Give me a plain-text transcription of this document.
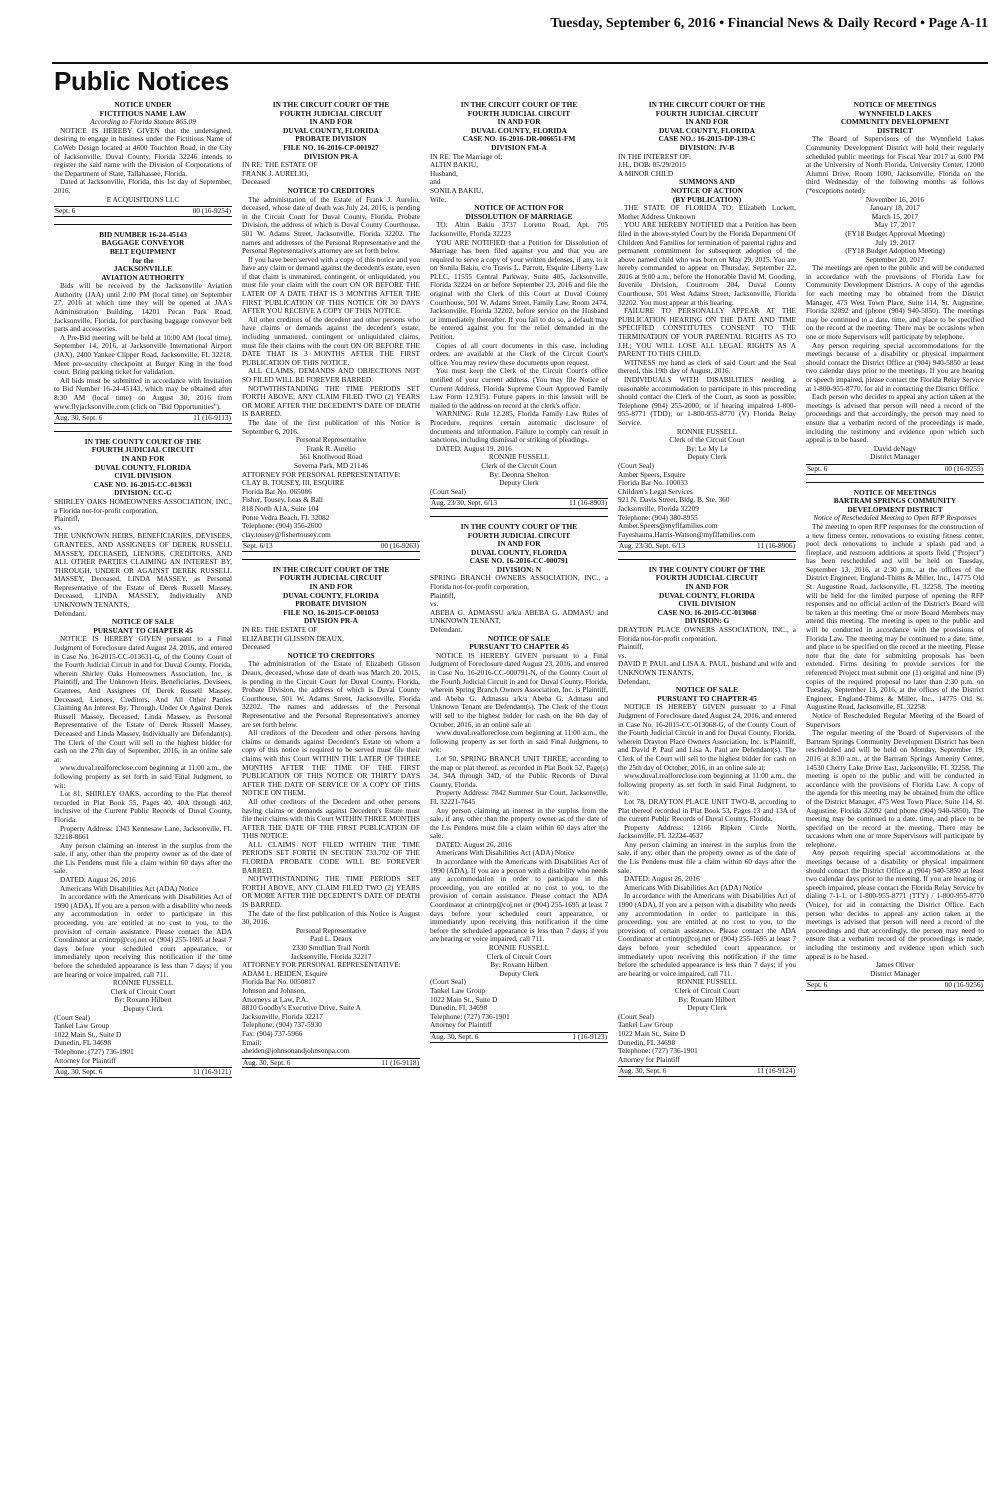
Tuesday, September 6, 2016 • Financial News & Daily Record • Page A-11
Public Notices
NOTICE UNDER
FICTITIOUS NAME LAW
According to Florida Statute 865.09

NOTICE IS HEREBY GIVEN that the undersigned, desiring to engage in business under the Fictitious Name of CoWeb Design located at 4600 Touchton Road, in the City of Jacksonville, Duval County, Florida 32246 intends to register the said name with the Division of Corporations of the Department of State, Tallahassee, Florida.

Dated at Jacksonville, Florida, this 1st day of September, 2016.

E ACQUISITIONS LLC
Sept. 6	00 (16-9254)
BID NUMBER 16-24-45143
BAGGAGE CONVEYOR
BELT EQUIPMENT
for the
JACKSONVILLE
AVIATION AUTHORITY

Bids will be received by the Jacksonville Aviation Authority (JAA) until 2:00 PM (local time) on September 27, 2016 at which time they will be opened at JAA's Administration Building, 14201 Pecan Park Road, Jacksonville, Florida, for purchasing baggage conveyor belt parts and accessories.

A Pre-Bid meeting will be held at 10:00 AM (local time), September 14, 2016, at Jacksonville International Airport (JAX), 2400 Yankee Clipper Road, Jacksonville, FL 32218. Meet pre-security checkpoint at Burger King in the food court. Bring parking ticket for validation.

All bids must be submitted in accordance with Invitation to Bid Number 16-24-45143, which may be obtained after 8:30 AM (local time) on August 30, 2016 from www.flyjacksonville.com (click on "Bid Opportunities").

Aug. 30, Sept. 6	11 (16-9113)
IN THE COUNTY COURT OF THE
FOURTH JUDICIAL CIRCUIT
IN AND FOR
DUVAL COUNTY, FLORIDA
CIVIL DIVISION
CASE NO. 16-2015-CC-013631
DIVISION: CC-G
SHIRLEY OAKS HOMEOWNERS ASSOCIATION, INC., a Florida not-for-profit corporation,
Plaintiff,
vs.
THE UNKNOWN HEIRS, BENEFICIARIES, DEVISEES, GRANTEES, AND ASSIGNEES OF DEREK RUSSELL MASSEY, DECEASED, LIENORS, CREDITORS, AND ALL OTHER PARTIES CLAIMING AN INTEREST BY, THROUGH, UNDER OR AGAINST DEREK RUSSELL MASSEY, Deceased, LINDA MASSEY, as Personal Representative of the Estate of Derek Russell Massey, Deceased, LINDA MASSEY, Individually AND UNKNOWN TENANTS,
Defendant.
NOTICE OF SALE
PURSUANT TO CHAPTER 45

NOTICE IS HEREBY GIVEN pursuant to a Final Judgment of Foreclosure dated August 24, 2016, and entered in Case No. 16-2015-CC-013631-G, of the County Court of the Fourth Judicial Circuit in and for Duval County, Florida, wherein Shirley Oaks Homeowners Association, Inc. is Plaintiff, and The Unknown Heirs, Beneficiaries, Devisees, Grantees, And Assignees Of Derek Russell Massey, Deceased, Lienors, Creditors, And All Other Parties Claiming An Interest By, Through, Under Or Against Derek Russell Massey, Deceased, Linda Massey, as Personal Representative of the Estate of Derek Russell Massey, Deceased and Linda Massey, Individually are Defendant(s). The Clerk of the Court will sell to the highest bidder for cash on the 27th day of September, 2016, in an online sale at:

www.duval.realforeclose.com beginning at 11:00 a.m., the following property as set forth in said Final Judgment, to wit:

Lot 81, SHIRLEY OAKS, according to the Plat thereof recorded in Plat Book 55, Pages 40, 40A through 40J, inclusive of the Current Public Records of Duval County, Florida.

Property Address: 1343 Kennesaw Lane, Jacksonville, FL 32218-8661

Any person claiming an interest in the surplus from the sale, if any, other than the property owner as of the date of the Lis Pendens must file a claim within 60 days after the sale.

DATED: August 26, 2016

Americans With Disabilities Act (ADA) Notice

In accordance with the Americans with Disabilities Act of 1990 (ADA), If you are a person with a disability who needs any accommodation in order to participate in this proceeding, you are entitled at no cost to you, to the provision of certain assistance. Please contact the ADA Coordinator at crtintrp@coj.net or (904) 255-1695 at least 7 days before your scheduled court appearance, or immediately upon receiving this notification if the time before the scheduled appearance is less than 7 days; if you are hearing or voice impaired, call 711.

RONNIE FUSSELL
Clerk of Circuit Court
By: Roxann Hilbert
Deputy Clerk
(Court Seal)
Tankel Law Group
1022 Main St., Suite D
Dunedin, FL 34698
Telephone: (727) 736-1901
Attorney for Plaintiff
Aug. 30, Sept. 6	11 (16-9121)
IN THE CIRCUIT COURT OF THE
FOURTH JUDICIAL CIRCUIT
IN AND FOR
DUVAL COUNTY, FLORIDA
PROBATE DIVISION
FILE NO. 16-2016-CP-001927
DIVISION PR-A
IN RE: THE ESTATE OF
FRANK J. AURELIO,
Deceased
NOTICE TO CREDITORS

The administration of the Estate of Frank J. Aurelio, deceased, whose date of death was July 24, 2016, is pending in the Circuit Court for Duval County, Florida, Probate Division, the address of which is Duval County Courthouse, 501 W. Adams Street, Jacksonville, Florida 32202. The names and addresses of the Personal Representative and the Personal Representative's attorney are set forth below.

If you have been served with a copy of this notice and you have any claim or demand against the decedent's estate, even if that claim is unmatured, contingent, or unliquidated, you must file your claim with the court ON OR BEFORE THE LATER OF A DATE THAT IS 3 MONTHS AFTER THE FIRST PUBLICATION OF THIS NOTICE OR 30 DAYS AFTER YOU RECEIVE A COPY OF THIS NOTICE.

All other creditors of the decedent and other persons who have claims or demands against the decedent's estate, including unmatured, contingent or unliquidated claims, must file their claims with the court ON OR BEFORE THE DATE THAT IS 3 MONTHS AFTER THE FIRST PUBLICATION OF THIS NOTICE.

ALL CLAIMS, DEMANDS AND OBJECTIONS NOT SO FILED WILL BE FOREVER BARRED.

NOTWITHSTANDING THE TIME PERIODS SET FORTH ABOVE, ANY CLAIM FILED TWO (2) YEARS OR MORE AFTER THE DECEDENT'S DATE OF DEATH IS BARRED.

The date of the first publication of this Notice is September 6, 2016.

Personal Representative
Frank R. Aurelio
561 Knollwood Road
Severna Park, MD 21146
ATTORNEY FOR PERSONAL REPRESENTATIVE:
CLAY B. TOUSEY, III, ESQUIRE
Florida Bar No. 065086
Fisher, Tousey, Leas & Ball
818 North A1A, Suite 104
Ponte Vedra Beach, FL 32082
Telephone: (904) 356-2600
clay.tousey@fishertousey.com
Sept. 6/13	00 (16-9263)
IN THE CIRCUIT COURT OF THE
FOURTH JUDICIAL CIRCUIT
IN AND FOR
DUVAL COUNTY, FLORIDA
PROBATE DIVISION
FILE NO. 16-2015-CP-001053
DIVISION PR-A
IN RE: THE ESTATE OF
ELIZABETH GLISSON DEAUX,
Deceased
NOTICE TO CREDITORS

The administration of the Estate of Elizabeth Glisson Deaux, deceased, whose date of death was March 20, 2015, is pending in the Circuit Court for Duval County, Florida, Probate Division, the address of which is Duval County Courthouse, 501 W. Adams Street, Jacksonville, Florida 32202. The names and addresses of the Personal Representative and the Personal Representative's attorney are set forth below.

All creditors of the Decedent and other persons having claims or demands against Decedent's Estate on whom a copy of this notice is required to be served must file their claims with this Court WITHIN THE LATER OF THREE MONTHS AFTER THE TIME OF THE FIRST PUBLICATION OF THIS NOTICE OR THIRTY DAYS AFTER THE DATE OF SERVICE OF A COPY OF THIS NOTICE ON THEM.

All other creditors of the Decedent and other persons having claims or demands against Decedent's Estate must file their claims with this Court WITHIN THREE MONTHS AFTER THE DATE OF THE FIRST PUBLICATION OF THIS NOTICE.

ALL CLAIMS NOT FILED WITHIN THE TIME PERIODS SET FORTH IN SECTION 733.702 OF THE FLORIDA PROBATE CODE WILL BE FOREVER BARRED.

NOTWITHSTANDING THE TIME PERIODS SET FORTH ABOVE, ANY CLAIM FILED TWO (2) YEARS OR MORE AFTER THE DECEDENT'S DATE OF DEATH IS BARRED.

The date of the first publication of this Notice is August 30, 2016.

Personal Representative
Paul L. Deaux
2330 Smullian Trail North
Jacksonville, Florida 32217
ATTORNEY FOR PERSONAL REPRESENTATIVE:
ADAM L. HEIDEN, Esquire
Florida Bar No. 0050817
Johnson and Johnson,
Attorneys at Law, P.A.
8810 Goodby's Executive Drive, Suite A
Jacksonville, Florida 32217
Telephone: (904) 737-5930
Fax: (904) 737-5966
Email:
aheiden@johnsonandjohnsonpa.com
Aug. 30, Sept. 6	11 (16-9118)
IN THE CIRCUIT COURT OF THE
FOURTH JUDICIAL CIRCUIT
IN AND FOR
DUVAL COUNTY, FLORIDA
CASE NO. 16-2016-DR-006651-FM
DIVISION FM-A
IN RE: The Marriage of:
ALTIN BAKIU,
Husband,
and
SONILA BAKIU,
Wife.
NOTICE OF ACTION FOR
DISSOLUTION OF MARRIAGE

TO: Altin Bakiu 3737 Loretto Road, Apt. 705 Jacksonville, Florida 32223

YOU ARE NOTIFIED that a Petition for Dissolution of Marriage has been filed against you and that you are required to serve a copy of your written defenses, if any, to it on Sonila Bakiu, c/o Travis L. Parrott, Esquire Liberty Law PLLC, 11555 Central Parkway, Suite 405, Jacksonville, Florida 32224 on or before September 23, 2016 and file the original with the Clerk of this Court at Duval County Courthouse, 501 W. Adams Street, Family Law, Room 2474, Jacksonville, Florida 32202, before service on the Husband or immediately thereafter. If you fail to do so, a default may be entered against you for the relief demanded in the Petition.

Copies of all court documents in this case, including orders, are available at the Clerk of the Circuit Court's office. You may review these documents upon request.

You must keep the Clerk of the Circuit Court's office notified of your current address. (You may file Notice of Current Address, Florida Supreme Court Approved Family Law Form 12.915). Future papers in this lawsuit will be mailed to the address on record at the clerk's office.

WARNING: Rule 12.285, Florida Family Law Rules of Procedure, requires certain automatic disclosure of documents and information. Failure to comply can result in sanctions, including dismissal or striking of pleadings.

DATED: August 19, 2016

RONNIE FUSSELL
Clerk of the Circuit Court
By: Deonna Shelton
Deputy Clerk
(Court Seal)
Aug. 23/30, Sept. 6/13	11 (16-8903)
IN THE COUNTY COURT OF THE
FOURTH JUDICIAL CIRCUIT
IN AND FOR
DUVAL COUNTY, FLORIDA
CASE NO. 16-2016-CC-000791
DIVISION: N
SPRING BRANCH OWNERS ASSOCIATION, INC., a Florida not-for-profit corporation,
Plaintiff,
vs.
ABEBA G. ADMASSU a/k/a ABEBA G. ADMASU and UNKNOWN TENANT,
Defendant.
NOTICE OF SALE
PURSUANT TO CHAPTER 45

NOTICE IS HEREBY GIVEN pursuant to a Final Judgment of Foreclosure dated August 23, 2016, and entered in Case No. 16-2016-CC-000791-N, of the County Court of the Fourth Judicial Circuit in and for Duval County, Florida, wherein Spring Branch Owners Association, Inc. is Plaintiff, and Abeba G. Admassu a/k/a Abeba G. Admasu and Unknown Tenant are Defendant(s). The Clerk of the Court will sell to the highest bidder for cash on the 6th day of October, 2016, in an online sale at:

www.duval.realforeclose.com beginning at 11:00 a.m., the following property as set forth in said Final Judgment, to wit:

Lot 50, SPRING BRANCH UNIT THREE, according to the map or plat thereof, as recorded in Plat Book 52, Page(s) 34, 34A through 34D, of the Public Records of Duval County, Florida.

Property Address: 7842 Summer Star Court, Jacksonville, FL 32221-7645

Any person claiming an interest in the surplus from the sale, if any, other than the property owner as of the date of the Lis Pendens must file a claim within 60 days after the sale.

DATED: August 26, 2016

Americans With Disabilities Act (ADA) Notice

In accordance with the Americans with Disabilities Act of 1990 (ADA), If you are a person with a disability who needs any accommodation in order to participate in this proceeding, you are entitled at no cost to you, to the provision of certain assistance. Please contact the ADA Coordinator at crtintrp@coj.net or (904) 255-1695 at least 7 days before your scheduled court appearance, or immediately upon receiving this notification if the time before the scheduled appearance is less than 7 days; if you are hearing or voice impaired, call 711.

RONNIE FUSSELL
Clerk of Circuit Court
By: Roxann Hilbert
Deputy Clerk
(Court Seal)
Tankel Law Group
1022 Main St., Suite D
Dunedin, FL 34698
Telephone: (727) 736-1901
Attorney for Plaintiff
Aug. 30, Sept. 6	1 (16-9123)
IN THE CIRCUIT COURT OF THE
FOURTH JUDICIAL CIRCUIT
IN AND FOR
DUVAL COUNTY, FLORIDA
CASE NO.: 16-2015-DP-139-C
DIVISION: JV-B
IN THE INTEREST OF:
J.H., DOB: 05/29/2015
A MINOR CHILD
SUMMONS AND
NOTICE OF ACTION
(BY PUBLICATION)

THE STATE OF FLORIDA TO: Elizabeth Luckett, Mother Address Unknown

YOU ARE HEREBY NOTIFIED that a Petition has been filed in the above-styled Court by the Florida Department Of Children And Families for termination of parental rights and permanent commitment for subsequent adoption of the above named child who was born on May 29, 2015. You are hereby commanded to appear on Thursday, September 22, 2016 at 9:00 a.m., before the Honorable David M. Gooding, Juvenile Division, Courtroom 204, Duval County Courthouse, 501 West Adams Street, Jacksonville, Florida 32202. You must appear at this hearing.

FAILURE TO PERSONALLY APPEAR AT THE PUBLICATION HEARING ON THE DATE AND TIME SPECIFIED CONSTITUTES CONSENT TO THE TERMINATION OF YOUR PARENTAL RIGHTS AS TO J.H.; YOU WILL LOSE ALL LEGAL RIGHTS AS A PARENT TO THIS CHILD.

WITNESS my hand as clerk of said Court and the Seal thereof, this 19th day of August, 2016.

INDIVIDUALS WITH DISABILITIES needing a reasonable accommodation to participate in this proceeding should contact the Clerk of the Court, as soon as possible, Telephone (904) 255-2000; or if hearing impaired 1-800-955-8771 (TDD); or 1-800-955-8770 (V) Florida Relay Service.

RONNIE FUSSELL
Clerk of the Circuit Court
By: Le My Le
Deputy Clerk
(Court Seal)
Amber Speers, Esquire
Florida Bar No. 100033
Children's Legal Services
921 N. Davis Street, Bldg. B, Ste. 360
Jacksonville, Florida 32209
Telephone: (904) 380-8955
Amber.Speers@myflfamilies.com
Fayeshauna.Harris-Watson@myflfamilies.com
Aug. 23/30, Sept. 6/13	11 (16-8906)
IN THE COUNTY COURT OF THE
FOURTH JUDICIAL CIRCUIT
IN AND FOR
DUVAL COUNTY, FLORIDA
CIVIL DIVISION
CASE NO. 16-2015-CC-013068
DIVISION: G
DRAYTON PLACE OWNERS ASSOCIATION, INC., a Florida not-for-profit corporation,
Plaintiff,
vs.
DAVID P. PAUL and LISA A. PAUL, husband and wife and UNKNOWN TENANTS,
Defendant.
NOTICE OF SALE
PURSUANT TO CHAPTER 45

NOTICE IS HEREBY GIVEN pursuant to a Final Judgment of Foreclosure dated August 24, 2016, and entered in Case No. 16-2015-CC-013068-G, of the County Court of the Fourth Judicial Circuit in and for Duval County, Florida, wherein Drayton Place Owners Association, Inc. is Plaintiff, and David P. Paul and Lisa A. Paul are Defendant(s). The Clerk of the Court will sell to the highest bidder for cash on the 25th day of October, 2016, in an online sale at:

www.duval.realforeclose.com beginning at 11:00 a.m., the following property as set forth in said Final Judgment, to wit:

Lot 78, DRAYTON PLACE UNIT TWO-B, according to Plat thereof recorded in Plat Book 53, Pages 13 and 13A of the current Public Records of Duval County, Florida.

Property Address: 12166 Ripken Circle North, Jacksonville, FL 32224-4637

Any person claiming an interest in the surplus from the sale, if any, other than the property owner as of the date of the Lis Pendens must file a claim within 60 days after the sale.

DATED: August 26, 2016

Americans With Disabilities Act (ADA) Notice

In accordance with the Americans with Disabilities Act of 1990 (ADA), If you are a person with a disability who needs any accommodation in order to participate in this proceeding, you are entitled at no cost to you, to the provision of certain assistance. Please contact the ADA Coordinator at crtintrp@coj.net or (904) 255-1695 at least 7 days before your scheduled court appearance, or immediately upon receiving this notification if the time before the scheduled appearance is less than 7 days; if you are hearing or voice impaired, call 711.

RONNIE FUSSELL
Clerk of Circuit Court
By: Roxann Hilbert
Deputy Clerk
(Court Seal)
Tankel Law Group
1022 Main St., Suite D
Dunedin, FL 34698
Telephone: (727) 736-1901
Attorney for Plaintiff
Aug. 30, Sept. 6	11 (16-9124)
NOTICE OF MEETINGS
WYNNFIELD LAKES
COMMUNITY DEVELOPMENT
DISTRICT

The Board of Supervisors of the Wynnfield Lakes Community Development District will hold their regularly scheduled public meetings for Fiscal Year 2017 at 6:00 PM at the University of North Florida, University Center, 12000 Alumni Drive, Room 1090, Jacksonville, Florida on the third Wednesday of the following months as follows (*exceptions noted):

November 16, 2016
January 18, 2017
March 15, 2017
May 17, 2017
(FY18 Budget Approval Meeting)
July 19, 2017
(FY18 Budget Adoption Meeting)
September 20, 2017

The meetings are open to the public and will be conducted in accordance with the provisions of Florida Law for Community Development Districts. A copy of the agendas for each meeting may be obtained from the District Manager, 475 West Town Place, Suite 114, St. Augustine, Florida 32092 and (phone (904) 940-5850). The meetings may be continued to a date, time, and place to be specified on the record at the meeting. There may be occasions when one or more Supervisors will participate by telephone.

Any person requiring special accommodations for the meetings because of a disability or physical impairment should contact the District Office at (904) 940-5850 at least two calendar days prior to the meetings. If you are hearing or speech impaired, please contact the Florida Relay Service at 1-800-955-8770, for aid in contacting the District Office.

Each person who decides to appeal any action taken at the meetings is advised that person will need a record of the proceedings and that accordingly, the person may need to ensure that a verbatim record of the proceedings is made, including the testimony and evidence upon which such appeal is to be based.

David deNagy
District Manager
Sept. 6	00 (16-9255)
NOTICE OF MEETINGS
BARTRAM SPRINGS COMMUNITY
DEVELOPMENT DISTRICT
Notice of Rescheduled Meeting to Open RFP Responses

The meeting to open RFP responses for the construction of a new fitness center, renovations to existing fitness center, pool deck renovations to include a splash pad and a fireplace, and restroom additions at sports field ("Project") has been rescheduled and will be held on Tuesday, September 13, 2016, at 2:30 p.m., at the offices of the District Engineer, England-Thims & Miller, Inc., 14775 Old St. Augustine Road, Jacksonville, FL 32258. The meeting will be held for the limited purpose of opening the RFP responses and no official action of the District's Board will be taken at this meeting. One or more Board Members may attend this meeting. The meeting is open to the public and will be conducted in accordance with the provisions of Florida Law. The meeting may be continued to a date, time, and place to be specified on the record at the meeting. Please note that the date for submitting proposals has been extended. Firms desiring to provide services for the referenced Project must submit one (1) original and nine (9) copies of the required proposal no later than 2:30 p.m. on Tuesday, September 13, 2016, at the offices of the District Engineer, England-Thims & Miller, Inc., 14775 Old St. Augustine Road, Jacksonville, FL 32258.

Notice of Rescheduled Regular Meeting of the Board of Supervisors

The regular meeting of the Board of Supervisors of the Bartram Springs Community Development District has been rescheduled and will be held on Monday, September 19, 2016 at 8:30 a.m., at the Bartram Springs Amenity Center, 14530 Cherry Lake Drive East, Jacksonville, FL 32258. The meeting is open to the public and will be conducted in accordance with the provisions of Florida Law. A copy of the agenda for this meeting may be obtained from the office of the District Manager, 475 West Town Place, Suite 114, St. Augustine, Florida 32092 (and phone (904) 940-5850). The meeting may be continued to a date, time, and place to be specified on the record at the meeting. There may be occasions when one or more Supervisors will participate by telephone.

Any person requiring special accommodations at the meetings because of a disability or physical impairment should contact the District Office at (904) 940-5850 at least two calendar days prior to the meeting. If you are hearing or speech impaired, please contact the Florida Relay Service by dialing 7-1-1, or 1-800-955-8771 (TTY) / 1-800-955-8770 (Voice), for aid in contacting the District Office. Each person who decides to appeal any action taken at the meetings is advised that person will need a record of the proceedings and that accordingly, the person may need to ensure that a verbatim record of the proceedings is made, including the testimony and evidence upon which such appeal is to be based.

James Oliver
District Manager
Sept. 6	00 (16-9256)
